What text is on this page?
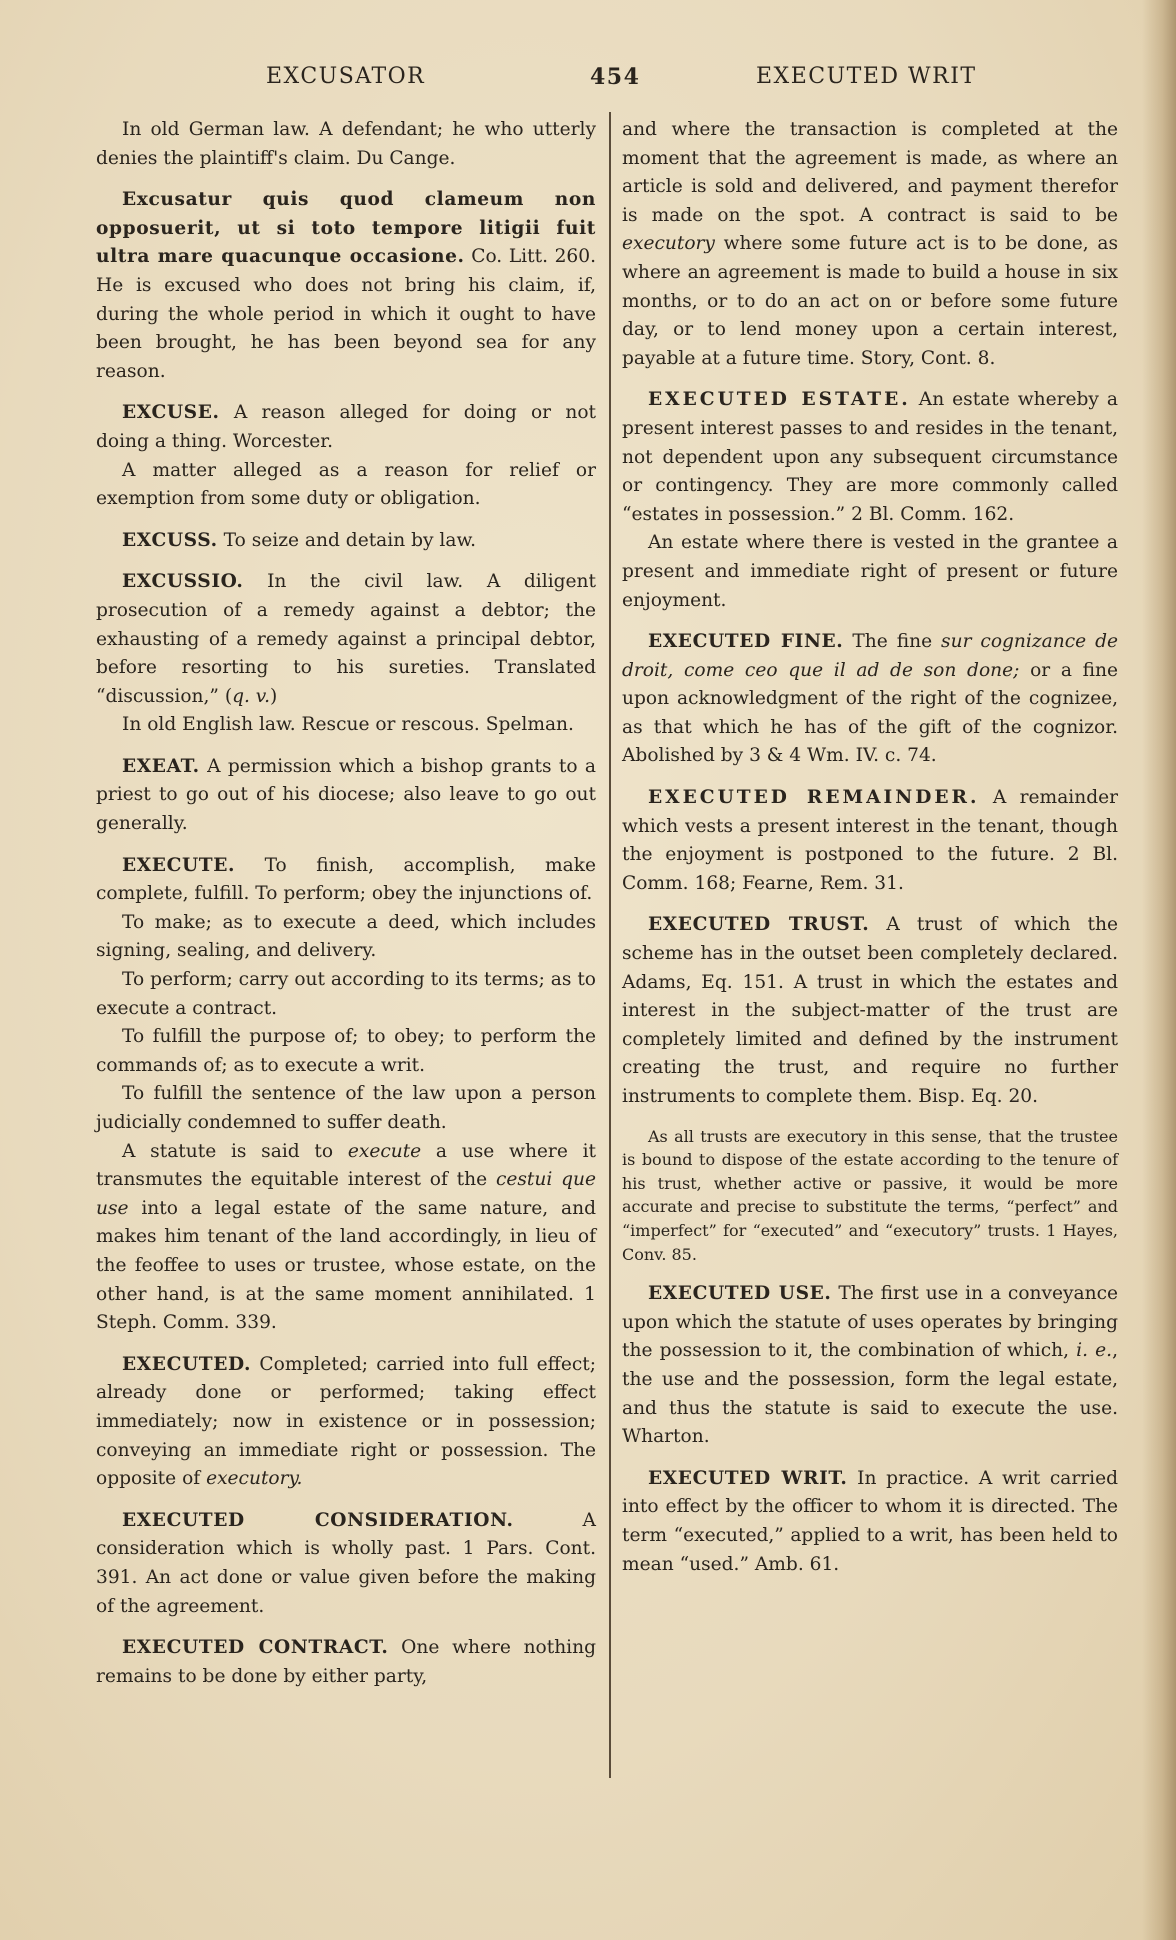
EXCUSATOR	454	EXECUTED WRIT

In old German law. A defendant; he who utterly denies the plaintiff's claim. Du Cange.

Excusatur quis quod clameum non opposuerit, ut si toto tempore litigii fuit ultra mare quacunque occasione. Co. Litt. 260. He is excused who does not bring his claim, if, during the whole period in which it ought to have been brought, he has been beyond sea for any reason.

EXCUSE. A reason alleged for doing or not doing a thing. Worcester.

A matter alleged as a reason for relief or exemption from some duty or obligation.

EXCUSS. To seize and detain by law.

EXCUSSIO. In the civil law. A diligent prosecution of a remedy against a debtor; the exhausting of a remedy against a principal debtor, before resorting to his sureties. Translated “discussion,” (q. v.)

In old English law. Rescue or rescous. Spelman.

EXEAT. A permission which a bishop grants to a priest to go out of his diocese; also leave to go out generally.

EXECUTE. To finish, accomplish, make complete, fulfill. To perform; obey the injunctions of.

To make; as to execute a deed, which includes signing, sealing, and delivery.

To perform; carry out according to its terms; as to execute a contract.

To fulfill the purpose of; to obey; to perform the commands of; as to execute a writ.

To fulfill the sentence of the law upon a person judicially condemned to suffer death.

A statute is said to execute a use where it transmutes the equitable interest of the cestui que use into a legal estate of the same nature, and makes him tenant of the land accordingly, in lieu of the feoffee to uses or trustee, whose estate, on the other hand, is at the same moment annihilated. 1 Steph. Comm. 339.

EXECUTED. Completed; carried into full effect; already done or performed; taking effect immediately; now in existence or in possession; conveying an immediate right or possession. The opposite of executory.

EXECUTED CONSIDERATION. A consideration which is wholly past. 1 Pars. Cont. 391. An act done or value given before the making of the agreement.

EXECUTED CONTRACT. One where nothing remains to be done by either party,

and where the transaction is completed at the moment that the agreement is made, as where an article is sold and delivered, and payment therefor is made on the spot. A contract is said to be executory where some future act is to be done, as where an agreement is made to build a house in six months, or to do an act on or before some future day, or to lend money upon a certain interest, payable at a future time. Story, Cont. 8.

EXECUTED ESTATE. An estate whereby a present interest passes to and resides in the tenant, not dependent upon any subsequent circumstance or contingency. They are more commonly called “estates in possession.” 2 Bl. Comm. 162.

An estate where there is vested in the grantee a present and immediate right of present or future enjoyment.

EXECUTED FINE. The fine sur cognizance de droit, come ceo que il ad de son done; or a fine upon acknowledgment of the right of the cognizee, as that which he has of the gift of the cognizor. Abolished by 3 & 4 Wm. IV. c. 74.

EXECUTED REMAINDER. A remainder which vests a present interest in the tenant, though the enjoyment is postponed to the future. 2 Bl. Comm. 168; Fearne, Rem. 31.

EXECUTED TRUST. A trust of which the scheme has in the outset been completely declared. Adams, Eq. 151. A trust in which the estates and interest in the subject-matter of the trust are completely limited and defined by the instrument creating the trust, and require no further instruments to complete them. Bisp. Eq. 20.

As all trusts are executory in this sense, that the trustee is bound to dispose of the estate according to the tenure of his trust, whether active or passive, it would be more accurate and precise to substitute the terms, “perfect” and “imperfect” for “executed” and “executory” trusts. 1 Hayes, Conv. 85.

EXECUTED USE. The first use in a conveyance upon which the statute of uses operates by bringing the possession to it, the combination of which, i. e., the use and the possession, form the legal estate, and thus the statute is said to execute the use. Wharton.

EXECUTED WRIT. In practice. A writ carried into effect by the officer to whom it is directed. The term “executed,” applied to a writ, has been held to mean “used.” Amb. 61.
